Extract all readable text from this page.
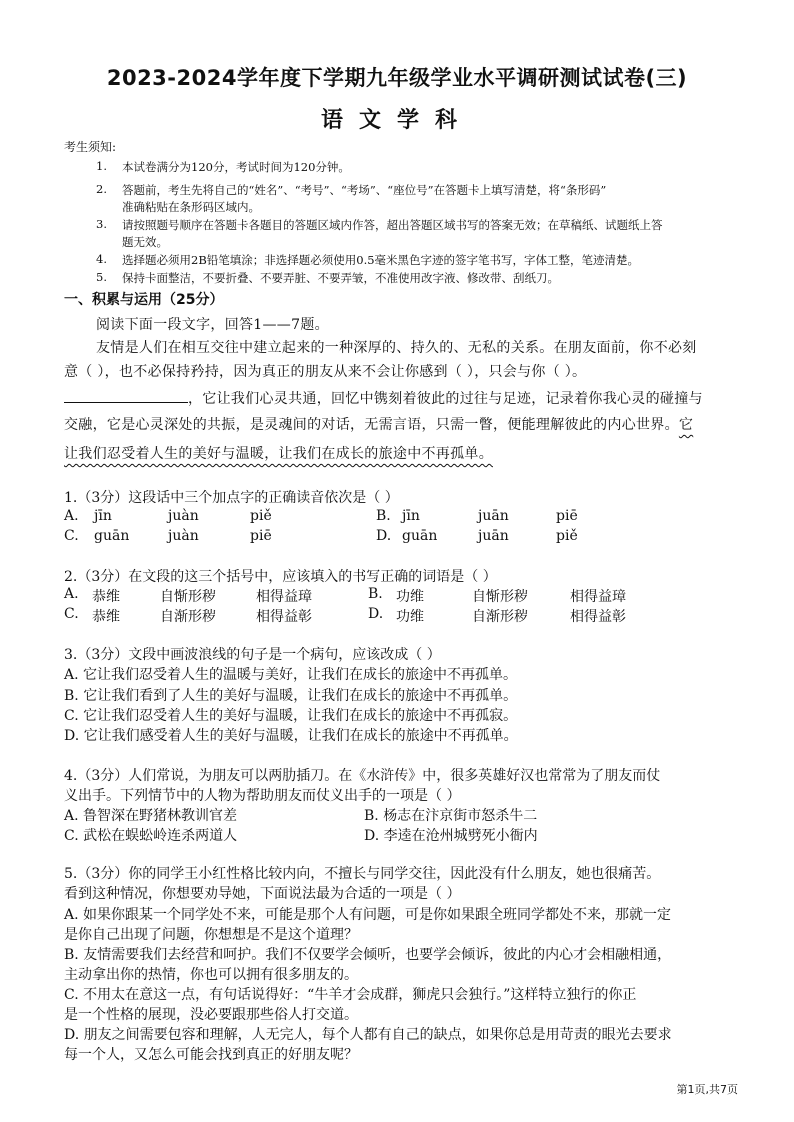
2023-2024学年度下学期九年级学业水平调研测试试卷(三)
语文学科
考生须知:
1. 本试卷满分为120分，考试时间为120分钟。
2. 答题前，考生先将自己的“姓名”、“考号”、“考场”、“座位号”在答题卡上填写清楚，将“条形码”
准确粘贴在条形码区域内。
3. 请按照题号顺序在答题卡各题目的答题区域内作答，超出答题区域书写的答案无效；在草稿纸、试题纸上答
题无效。
4. 选择题必须用2B铅笔填涂；非选择题必须使用0.5毫米黑色字迹的签字笔书写，字体工整，笔迹清楚。
5. 保持卡面整洁，不要折叠、不要弄脏、不要弄皱，不准使用改字液、修改带、刮纸刀。
一、积累与运用（25分）
阅读下面一段文字，回答1——7题。
友情是人们在相互交往中建立起来的一种深厚的、持久的、无私的关系。在朋友面前，你不必刻
意（ ），也不必保持矜持，因为真正的朋友从来不会让你感到（ ），只会与你（ ）。
，它让我们心灵共通，回忆中镌刻着彼此的过往与足迹，记录着你我心灵的碰撞与
交融，它是心灵深处的共振，是灵魂间的对话，无需言语，只需一瞥，便能理解彼此的内心世界。它
让我们忍受着人生的美好与温暖，让我们在成长的旅途中不再孤单。
1.（3分）这段话中三个加点字的正确读音依次是（ ）
A. jīn	juàn	piě	B. jīn	juān	piē
C. guān	juàn	piē	D. guān	juān	piě
2.（3分）在文段的这三个括号中，应该填入的书写正确的词语是（ ）
A. 恭维	自惭形秽	相得益璋	B. 功维	自惭形秽	相得益璋
C. 恭维	自渐形秽	相得益彰	D. 功维	自渐形秽	相得益彰
3.（3分）文段中画波浪线的句子是一个病句，应该改成（ ）
A. 它让我们忍受着人生的温暖与美好，让我们在成长的旅途中不再孤单。
B. 它让我们看到了人生的美好与温暖，让我们在成长的旅途中不再孤单。
C. 它让我们忍受着人生的美好与温暖，让我们在成长的旅途中不再孤寂。
D. 它让我们感受着人生的美好与温暖，让我们在成长的旅途中不再孤单。
4.（3分）人们常说，为朋友可以两肋插刀。在《水浒传》中，很多英雄好汉也常常为了朋友而仗
义出手。下列情节中的人物为帮助朋友而仗义出手的一项是（ ）
A. 鲁智深在野猪林教训官差	B. 杨志在汴京街市怒杀牛二
C. 武松在蜈蚣岭连杀两道人	D. 李逵在沧州城劈死小衙内
5.（3分）你的同学王小红性格比较内向，不擅长与同学交往，因此没有什么朋友，她也很痛苦。
看到这种情况，你想要劝导她，下面说法最为合适的一项是（ ）
A. 如果你跟某一个同学处不来，可能是那个人有问题，可是你如果跟全班同学都处不来，那就一定
是你自己出现了问题，你想想是不是这个道理？
B. 友情需要我们去经营和呵护。我们不仅要学会倾听，也要学会倾诉，彼此的内心才会相融相通，
主动拿出你的热情，你也可以拥有很多朋友的。
C. 不用太在意这一点，有句话说得好：“牛羊才会成群，狮虎只会独行。”这样特立独行的你正
是一个性格的展现，没必要跟那些俗人打交道。
D. 朋友之间需要包容和理解，人无完人，每个人都有自己的缺点，如果你总是用苛责的眼光去要求
每一个人，又怎么可能会找到真正的好朋友呢？
第1页,共7页
